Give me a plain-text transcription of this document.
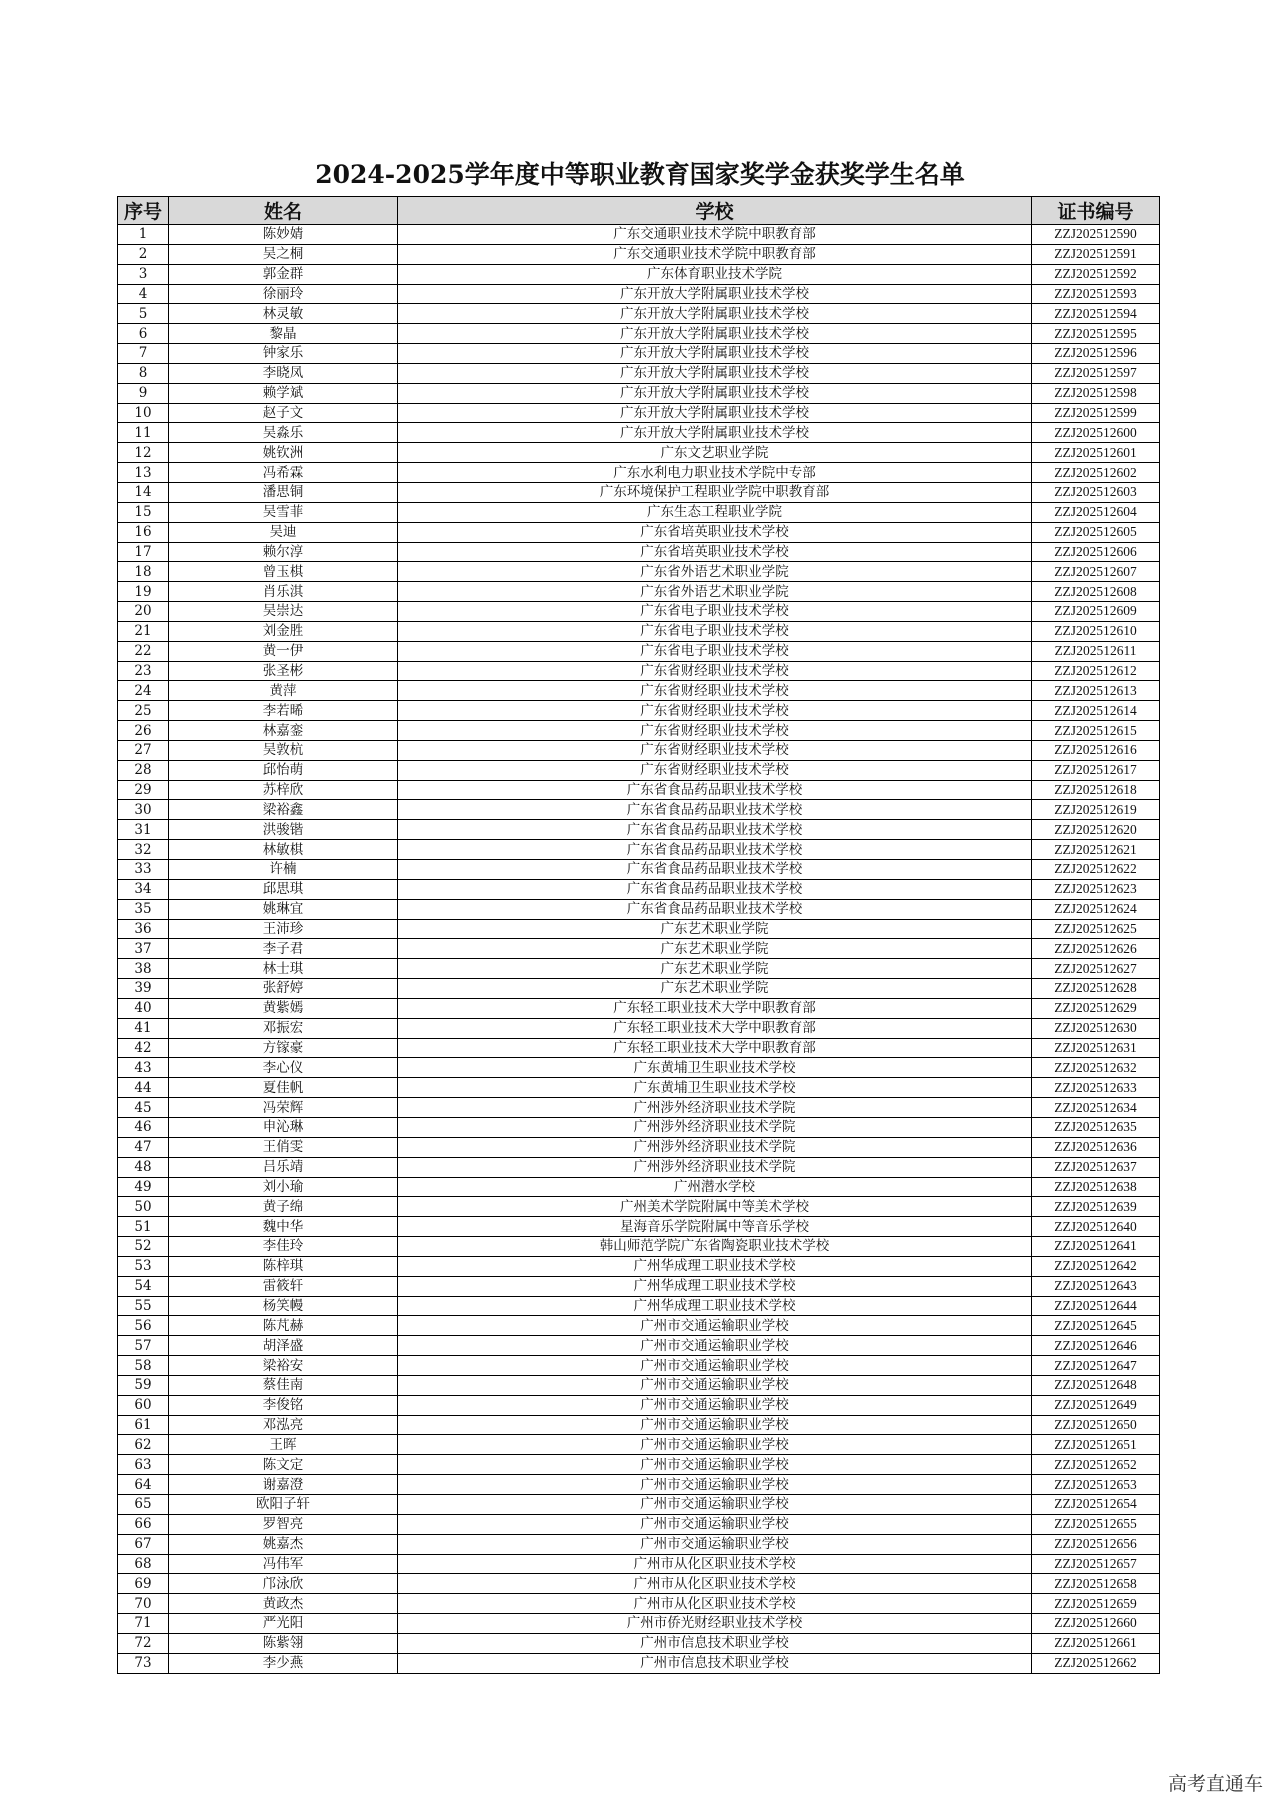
2024-2025学年度中等职业教育国家奖学金获奖学生名单
序号	姓名	学校	证书编号
1	陈妙婧	广东交通职业技术学院中职教育部	ZZJ202512590
2	吴之桐	广东交通职业技术学院中职教育部	ZZJ202512591
3	郭金群	广东体育职业技术学院	ZZJ202512592
4	徐丽玲	广东开放大学附属职业技术学校	ZZJ202512593
5	林灵敏	广东开放大学附属职业技术学校	ZZJ202512594
6	黎晶	广东开放大学附属职业技术学校	ZZJ202512595
7	钟家乐	广东开放大学附属职业技术学校	ZZJ202512596
8	李晓凤	广东开放大学附属职业技术学校	ZZJ202512597
9	赖学斌	广东开放大学附属职业技术学校	ZZJ202512598
10	赵子文	广东开放大学附属职业技术学校	ZZJ202512599
11	吴淼乐	广东开放大学附属职业技术学校	ZZJ202512600
12	姚钦洲	广东文艺职业学院	ZZJ202512601
13	冯希霖	广东水利电力职业技术学院中专部	ZZJ202512602
14	潘思铜	广东环境保护工程职业学院中职教育部	ZZJ202512603
15	吴雪菲	广东生态工程职业学院	ZZJ202512604
16	吴迪	广东省培英职业技术学校	ZZJ202512605
17	赖尔淳	广东省培英职业技术学校	ZZJ202512606
18	曾玉棋	广东省外语艺术职业学院	ZZJ202512607
19	肖乐淇	广东省外语艺术职业学院	ZZJ202512608
20	吴崇达	广东省电子职业技术学校	ZZJ202512609
21	刘金胜	广东省电子职业技术学校	ZZJ202512610
22	黄一伊	广东省电子职业技术学校	ZZJ202512611
23	张圣彬	广东省财经职业技术学校	ZZJ202512612
24	黄萍	广东省财经职业技术学校	ZZJ202512613
25	李若晞	广东省财经职业技术学校	ZZJ202512614
26	林嘉銮	广东省财经职业技术学校	ZZJ202512615
27	吴敦杭	广东省财经职业技术学校	ZZJ202512616
28	邱怡萌	广东省财经职业技术学校	ZZJ202512617
29	苏梓欣	广东省食品药品职业技术学校	ZZJ202512618
30	梁裕鑫	广东省食品药品职业技术学校	ZZJ202512619
31	洪骏锴	广东省食品药品职业技术学校	ZZJ202512620
32	林敏棋	广东省食品药品职业技术学校	ZZJ202512621
33	许楠	广东省食品药品职业技术学校	ZZJ202512622
34	邱思琪	广东省食品药品职业技术学校	ZZJ202512623
35	姚琳宜	广东省食品药品职业技术学校	ZZJ202512624
36	王沛珍	广东艺术职业学院	ZZJ202512625
37	李子君	广东艺术职业学院	ZZJ202512626
38	林士琪	广东艺术职业学院	ZZJ202512627
39	张舒婷	广东艺术职业学院	ZZJ202512628
40	黄紫嫣	广东轻工职业技术大学中职教育部	ZZJ202512629
41	邓振宏	广东轻工职业技术大学中职教育部	ZZJ202512630
42	方镓豪	广东轻工职业技术大学中职教育部	ZZJ202512631
43	李心仪	广东黄埔卫生职业技术学校	ZZJ202512632
44	夏佳帆	广东黄埔卫生职业技术学校	ZZJ202512633
45	冯荣辉	广州涉外经济职业技术学院	ZZJ202512634
46	申沁琳	广州涉外经济职业技术学院	ZZJ202512635
47	王俏雯	广州涉外经济职业技术学院	ZZJ202512636
48	吕乐靖	广州涉外经济职业技术学院	ZZJ202512637
49	刘小瑜	广州潜水学校	ZZJ202512638
50	黄子绵	广州美术学院附属中等美术学校	ZZJ202512639
51	魏中华	星海音乐学院附属中等音乐学校	ZZJ202512640
52	李佳玲	韩山师范学院广东省陶瓷职业技术学校	ZZJ202512641
53	陈梓琪	广州华成理工职业技术学校	ZZJ202512642
54	雷筱轩	广州华成理工职业技术学校	ZZJ202512643
55	杨笑幔	广州华成理工职业技术学校	ZZJ202512644
56	陈芃赫	广州市交通运输职业学校	ZZJ202512645
57	胡泽盛	广州市交通运输职业学校	ZZJ202512646
58	梁裕安	广州市交通运输职业学校	ZZJ202512647
59	蔡佳南	广州市交通运输职业学校	ZZJ202512648
60	李俊铭	广州市交通运输职业学校	ZZJ202512649
61	邓泓亮	广州市交通运输职业学校	ZZJ202512650
62	王晖	广州市交通运输职业学校	ZZJ202512651
63	陈文定	广州市交通运输职业学校	ZZJ202512652
64	谢嘉澄	广州市交通运输职业学校	ZZJ202512653
65	欧阳子轩	广州市交通运输职业学校	ZZJ202512654
66	罗智亮	广州市交通运输职业学校	ZZJ202512655
67	姚嘉杰	广州市交通运输职业学校	ZZJ202512656
68	冯伟军	广州市从化区职业技术学校	ZZJ202512657
69	邝泳欣	广州市从化区职业技术学校	ZZJ202512658
70	黄政杰	广州市从化区职业技术学校	ZZJ202512659
71	严光阳	广州市侨光财经职业技术学校	ZZJ202512660
72	陈紫翎	广州市信息技术职业学校	ZZJ202512661
73	李少燕	广州市信息技术职业学校	ZZJ202512662
高考直通车
